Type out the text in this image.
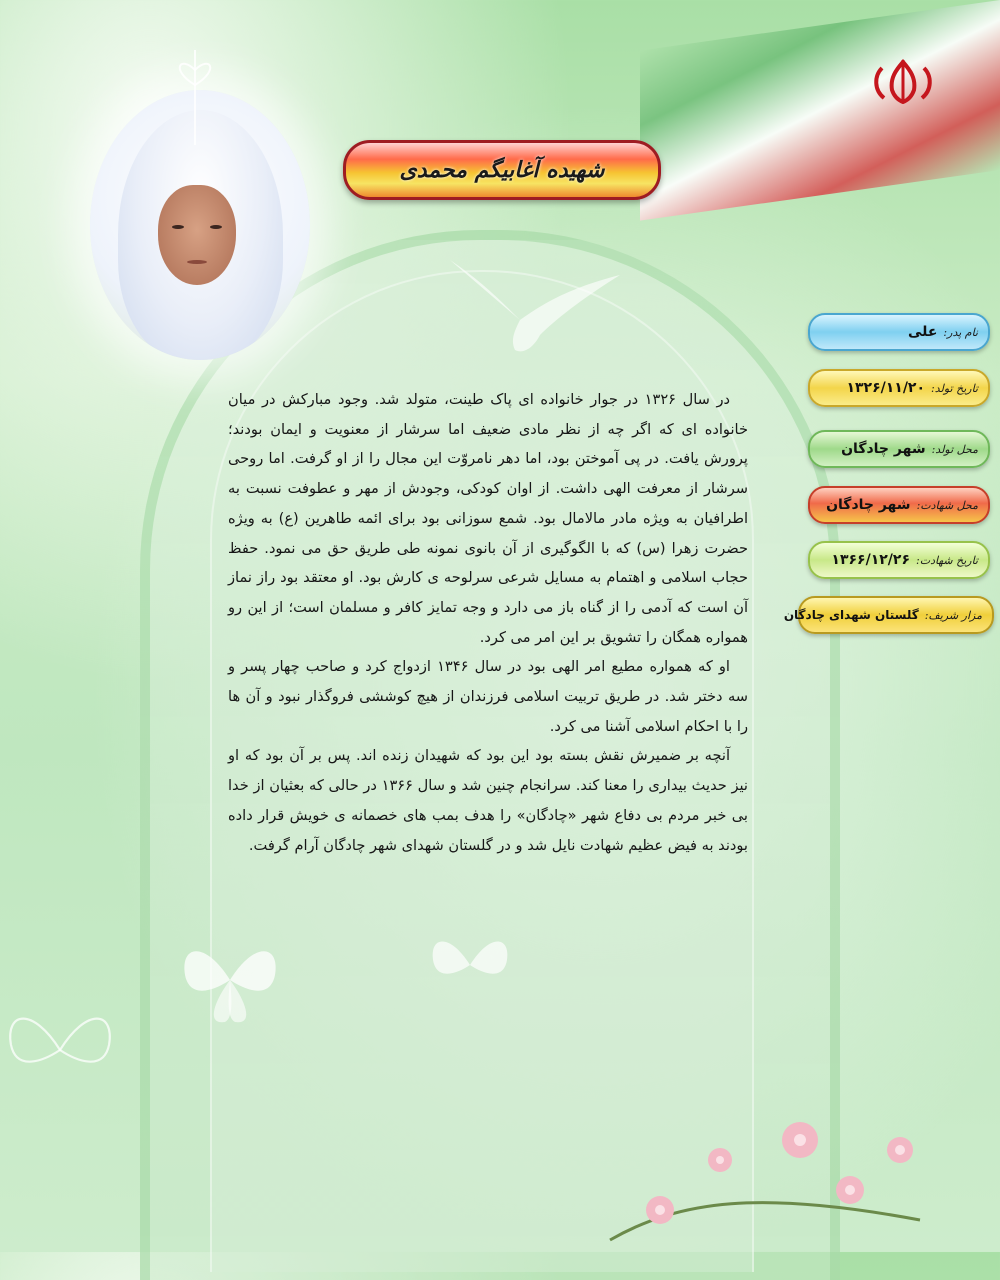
شهیده آغابیگم محمدی
نام پدر:
علی
تاریخ تولد:
۱۳۲۶/۱۱/۲۰
محل تولد:
شهر چادگان
محل شهادت:
شهر چادگان
تاریخ شهادت:
۱۳۶۶/۱۲/۲۶
مزار شریف:
گلستان شهدای چادگان

در سال ۱۳۲۶ در جوار خانواده ای پاک طینت، متولد شد. وجود مبارکش در میان خانواده ای که اگر چه از نظر مادی ضعیف اما سرشار از معنویت و ایمان بودند؛ پرورش یافت. در پی آموختن بود، اما دهر نامروّت این مجال را از او گرفت. اما روحی سرشار از معرفت الهی داشت. از اوان کودکی، وجودش از مهر و عطوفت نسبت به اطرافیان به ویژه مادر مالامال بود. شمع سوزانی بود برای ائمه طاهرین (ع) به ویژه حضرت زهرا (س) که با الگوگیری از آن بانوی نمونه طی طریق حق می نمود. حفظ حجاب اسلامی و اهتمام به مسایل شرعی سرلوحه ی کارش بود. او معتقد بود راز نماز آن است که آدمی را از گناه باز می دارد و وجه تمایز کافر و مسلمان است؛ از این رو همواره همگان را تشویق بر این امر می کرد.

او که همواره مطیع امر الهی بود در سال ۱۳۴۶ ازدواج کرد و صاحب چهار پسر و سه دختر شد. در طریق تربیت اسلامی فرزندان از هیچ کوششی فروگذار نبود و آن ها را با احکام اسلامی آشنا می کرد.

آنچه بر ضمیرش نقش بسته بود این بود که شهیدان زنده اند. پس بر آن بود که او نیز حدیث بیداری را معنا کند. سرانجام چنین شد و سال ۱۳۶۶ در حالی که بعثیان از خدا بی خبر مردم بی دفاع شهر «چادگان» را هدف بمب های خصمانه ی خویش قرار داده بودند به فیض عظیم شهادت نایل شد و در گلستان شهدای شهر چادگان آرام گرفت.
